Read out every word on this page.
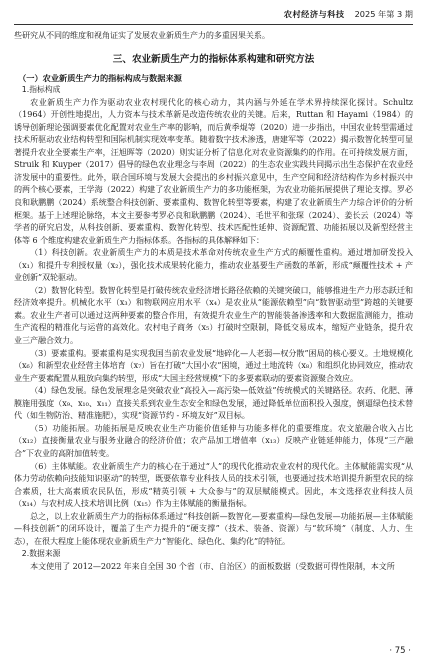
农村经济与科技 2025 年第 3 期

些研究从不同的维度和视角证实了发展农业新质生产力的多重因果关系。

三、农业新质生产力的指标体系构建和研究方法
（一）农业新质生产力的指标构成与数据来源
1.指标构成

农业新质生产力作为驱动农业农村现代化的核心动力，其内涵与外延在学术界持续深化探讨。Schultz（1964）开创性地提出，人力资本与技术革新是改造传统农业的关键。后来，Ruttan 和 Hayami（1984）的诱导创新理论强调要素优化配置对农业生产率的影响，而后黄季焜等（2020）进一步指出，中国农业转型需通过技术所驱动农业结构转型和国际机制实现效率变革。随着数字技术渗透，唐建军等（2022）揭示数智化转型可显著提升农业全要素生产率，汪旭晖等（2020）则实证分析了信息化对农业资源集约的作用。在可持续发展方面，Struik 和 Kuyper（2017）倡导的绿色农业理念与李周（2022）的生态农业实践共同揭示出生态保护在农业经济发展中的重要性。此外，联合国环境与发展大会提出的乡村振兴意见中，生产空间和经济结构作为乡村振兴中的两个核心要素，王学海（2022）构建了农业新质生产力的多功能框架，为农业功能拓展提供了理论支撑。罗必良和耿鹏鹏（2024）系统整合科技创新、要素重构、数智化转型等要素，构建了农业新质生产力综合评价的分析框架。基于上述理论脉络，本文主要参考罗必良和耿鹏鹏（2024）、毛世平和张琛（2024）、姜长云（2024）等学者的研究启发，从科技创新、要素重构、数智化转型、技术匹配性延伸、资源配置、功能拓展以及新型经营主体等 6 个维度构建农业新质生产力指标体系。各指标的具体解释如下：

（1）科技创新。农业新质生产力的本质是技术革命对传统农业生产方式的颠覆性重构。通过增加研发投入（x₁）和提升专利授权量（x₂），强化技术成果转化能力，推动农业基要生产函数的革新，形成“颠覆性技术 + 产业创新”双轮驱动。

（2）数智化转型。数智化转型是打破传统农业经济增长路径依赖的关键突破口，能够推进生产力形态跃迁和经济效率提升。机械化水平（x₃）和物联网应用水平（x₄）是农业从“能源依赖型”向“数智驱动型”跨越的关键要素。农业生产者可以通过这两种要素的整合作用，有效提升农业生产的智能装备渗透率和大数据监测能力，推动生产流程的精准化与运营的高效化。农村电子商务（x₅）打破时空限制，降低交易成本，缩短产业链条，提升农业三产融合效力。

（3）要素重构。要素重构是实现我国当前农业发展“地碎化—人老弱—权分散”困局的核心要义。土地规模化（x₆）和新型农业经营主体培育（x₇）旨在打破“大国小农”困境，通过土地流转（x₈）和组织化协同效应，推动农业生产要素配置从粗放向集约转型，形成“大国主经营规模”下的多要素联动的要素资源聚合效应。

（4）绿色发展。绿色发展理念是突破农业“高投入—高污染—低效益”传统模式的关键路径。农药、化肥、薄膜施用强度（x₉、x₁₀、x₁₁）直接关系到农业生态安全和绿色发展，通过降低单位面积投入强度，倒逼绿色技术替代（如生物防治、精准施肥），实现“资源节约 - 环境友好”双目标。

（5）功能拓展。功能拓展是反映农业生产功能价值延伸与功能多样化的重要维度。农文旅融合收入占比（x₁₂）直接衡量农业与服务业融合的经济价值；农产品加工增值率（x₁₃）反映产业链延伸能力，体现“三产融合”下农业的高附加值转变。

（6）主体赋能。农业新质生产力的核心在于通过“人”的现代化推动农业农村的现代化。主体赋能需实现“从体力劳动依赖向技能知识驱动”的转型，既要依靠专业科技人员的技术引领，也要通过技术培训提升新型农民的综合素质，壮大高素质农民队伍，形成“精英引领 + 大众参与”的双层赋能模式。因此，本文选择农业科技人员（x₁₄）与农村成人技术培训比例（x₁₅）作为主体赋能的衡量指标。

总之，以上农业新质生产力的指标体系通过“科技创新—数智化—要素重构—绿色发展—功能拓展—主体赋能—科技创新”的闭环设计，覆盖了生产力提升的“硬支撑”（技术、装备、资源）与“软环境”（制度、人力、生态），在很大程度上能体现农业新质生产力“智能化、绿色化、集约化”的特征。

2.数据来源

本文使用了 2012—2022 年来自全国 30 个省（市、自治区）的面板数据（受数据可得性限制，本文所

· 75 ·
